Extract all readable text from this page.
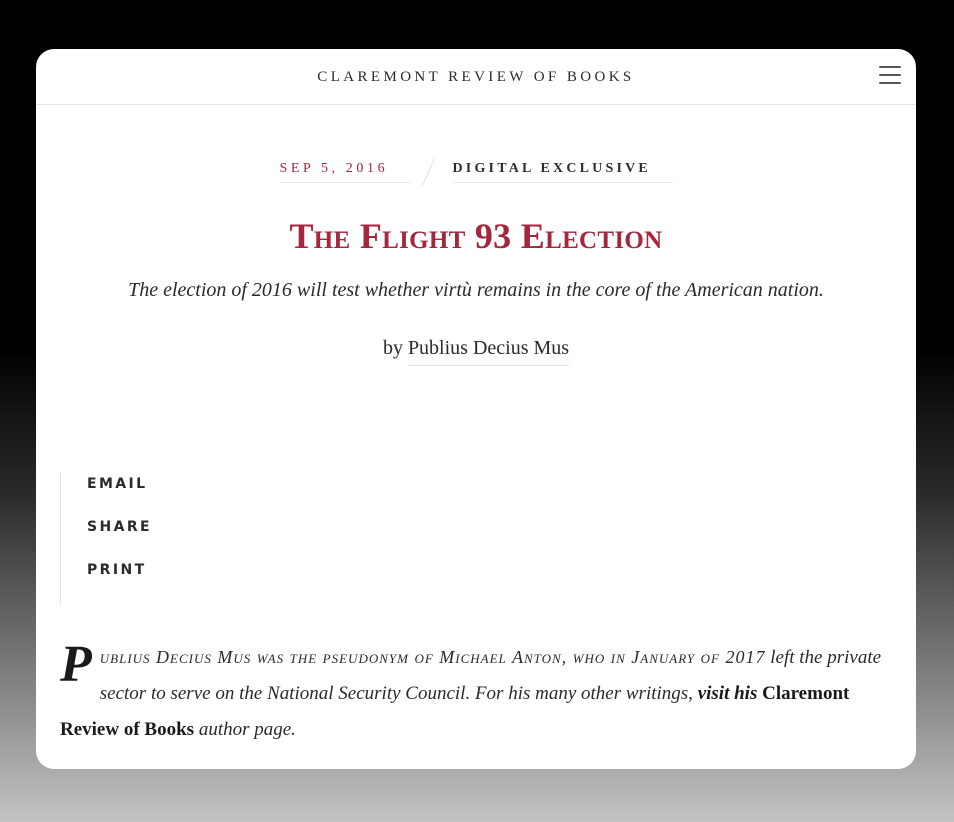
CLAREMONT REVIEW OF BOOKS
SEP 5, 2016	DIGITAL EXCLUSIVE
The Flight 93 Election

The election of 2016 will test whether virtù remains in the core of the American nation.

by Publius Decius Mus

EMAIL
SHARE
PRINT
Publius Decius Mus was the pseudonym of Michael Anton, who in January of 2017 left the private sector to serve on the National Security Council. For his many other writings, visit his Claremont Review of Books author page.
